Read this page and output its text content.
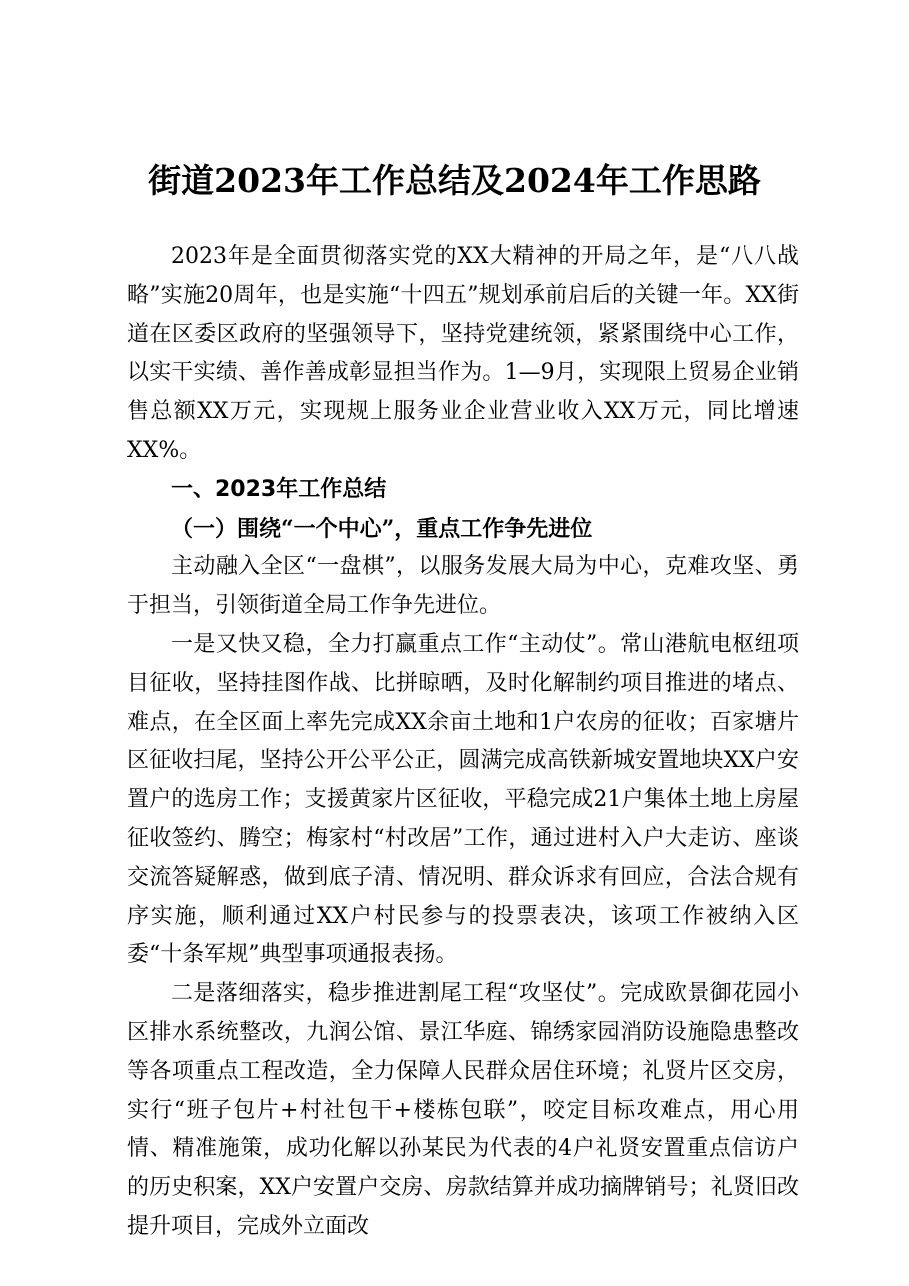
街道2023年工作总结及2024年工作思路

2023年是全面贯彻落实党的XX大精神的开局之年，是“八八战略”实施20周年，也是实施“十四五”规划承前启后的关键一年。XX街道在区委区政府的坚强领导下，坚持党建统领，紧紧围绕中心工作，以实干实绩、善作善成彰显担当作为。1—9月，实现限上贸易企业销售总额XX万元，实现规上服务业企业营业收入XX万元，同比增速XX%。

一、2023年工作总结

（一）围绕“一个中心”，重点工作争先进位

主动融入全区“一盘棋”，以服务发展大局为中心，克难攻坚、勇于担当，引领街道全局工作争先进位。

一是又快又稳，全力打赢重点工作“主动仗”。常山港航电枢纽项目征收，坚持挂图作战、比拼晾晒，及时化解制约项目推进的堵点、难点，在全区面上率先完成XX余亩土地和1户农房的征收；百家塘片区征收扫尾，坚持公开公平公正，圆满完成高铁新城安置地块XX户安置户的选房工作；支援黄家片区征收，平稳完成21户集体土地上房屋征收签约、腾空；梅家村“村改居”工作，通过进村入户大走访、座谈交流答疑解惑，做到底子清、情况明、群众诉求有回应，合法合规有序实施，顺利通过XX户村民参与的投票表决，该项工作被纳入区委“十条军规”典型事项通报表扬。

二是落细落实，稳步推进割尾工程“攻坚仗”。完成欧景御花园小区排水系统整改，九润公馆、景江华庭、锦绣家园消防设施隐患整改等各项重点工程改造，全力保障人民群众居住环境；礼贤片区交房，实行“班子包片+村社包干+楼栋包联”，咬定目标攻难点，用心用情、精准施策，成功化解以孙某民为代表的4户礼贤安置重点信访户的历史积案，XX户安置户交房、房款结算并成功摘牌销号；礼贤旧改提升项目，完成外立面改
